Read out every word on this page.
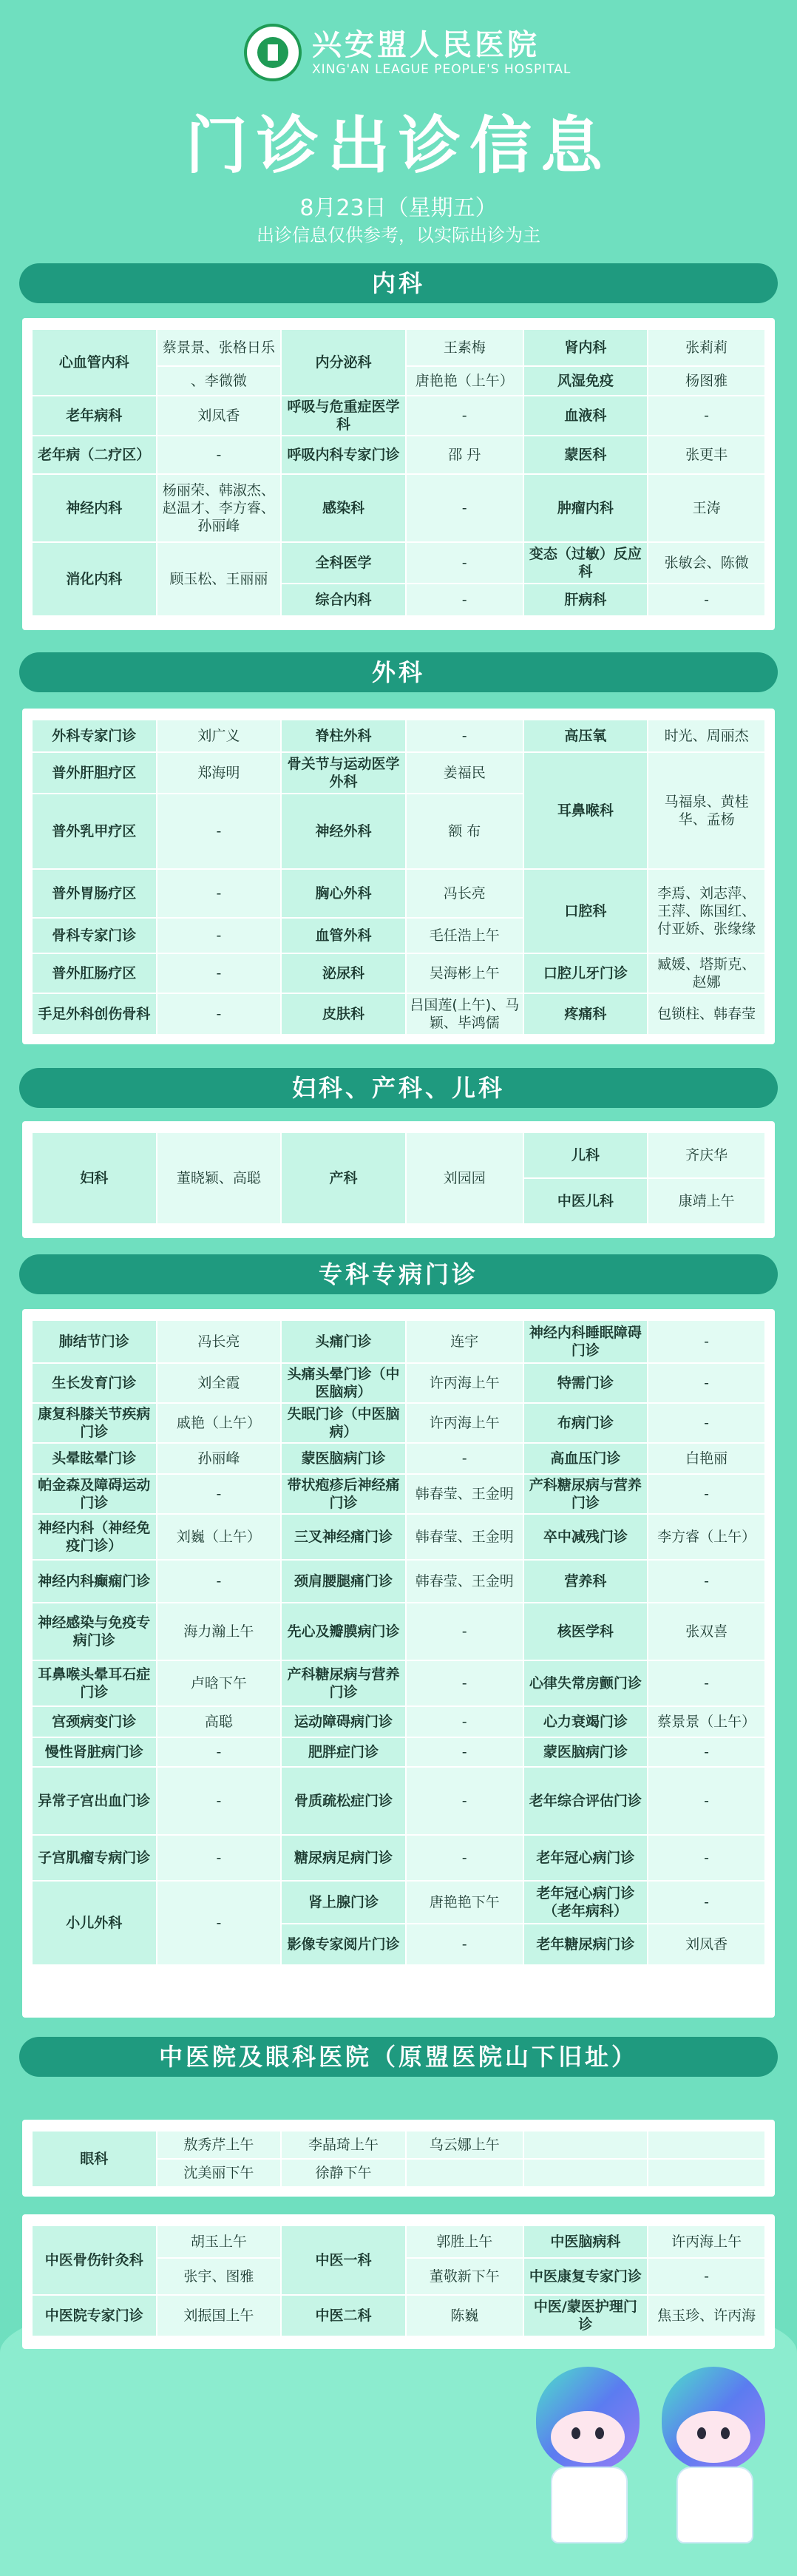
兴安盟人民医院
XING'AN LEAGUE PEOPLE'S HOSPITAL
门诊出诊信息
8月23日（星期五）
出诊信息仅供参考，以实际出诊为主
内科
心血管内科	蔡景景、张格日乐	内分泌科	王素梅	肾内科	张莉莉
	、李微微		唐艳艳（上午）	风湿免疫	杨图雅
老年病科	刘凤香	呼吸与危重症医学科	-	血液科	-
老年病（二疗区）	-	呼吸内科专家门诊	邵 丹	蒙医科	张更丰
神经内科	杨丽荣、韩淑杰、赵温才、李方睿、孙丽峰	感染科	-	肿瘤内科	王涛
消化内科	顾玉松、王丽丽	全科医学	-	变态（过敏）反应科	张敏会、陈微
		综合内科	-	肝病科	-
外科
外科专家门诊	刘广义	脊柱外科	-	高压氧	时光、周丽杰
普外肝胆疗区	郑海明	骨关节与运动医学外科	姜福民	耳鼻喉科	马福泉、黄桂华、孟杨
普外乳甲疗区	-	神经外科	额 布		
普外胃肠疗区	-	胸心外科	冯长亮	口腔科	李焉、刘志萍、王萍、陈国红、付亚娇、张缘缘
骨科专家门诊	-	血管外科	毛任浩上午		
普外肛肠疗区	-	泌尿科	吴海彬上午	口腔儿牙门诊	臧媛、塔斯克、赵娜
手足外科创伤骨科	-	皮肤科	吕国莲(上午)、马颖、毕鸿儒	疼痛科	包锁柱、韩春莹
妇科、产科、儿科
妇科	董晓颖、高聪	产科	刘园园	儿科	齐庆华
				中医儿科	康靖上午
专科专病门诊
肺结节门诊	冯长亮	头痛门诊	连宇	神经内科睡眠障碍门诊	-
生长发育门诊	刘全霞	头痛头晕门诊（中医脑病）	许丙海上午	特需门诊	-
康复科膝关节疾病门诊	戚艳（上午）	失眠门诊（中医脑病）	许丙海上午	布病门诊	-
头晕眩晕门诊	孙丽峰	蒙医脑病门诊	-	高血压门诊	白艳丽
帕金森及障碍运动门诊	-	带状疱疹后神经痛门诊	韩春莹、王金明	产科糖尿病与营养门诊	-
神经内科（神经免疫门诊）	刘巍（上午）	三叉神经痛门诊	韩春莹、王金明	卒中减残门诊	李方睿（上午）
神经内科癫痫门诊	-	颈肩腰腿痛门诊	韩春莹、王金明	营养科	-
神经感染与免疫专病门诊	海力瀚上午	先心及瓣膜病门诊	-	核医学科	张双喜
耳鼻喉头晕耳石症门诊	卢晗下午	产科糖尿病与营养门诊	-	心律失常房颤门诊	-
宫颈病变门诊	高聪	运动障碍病门诊	-	心力衰竭门诊	蔡景景（上午）
慢性肾脏病门诊	-	肥胖症门诊	-	蒙医脑病门诊	-
异常子宫出血门诊	-	骨质疏松症门诊	-	老年综合评估门诊	-
子宫肌瘤专病门诊	-	糖尿病足病门诊	-	老年冠心病门诊	-
小儿外科	-	肾上腺门诊	唐艳艳下午	老年冠心病门诊（老年病科）	-
		影像专家阅片门诊	-	老年糖尿病门诊	刘凤香
中医院及眼科医院（原盟医院山下旧址）
眼科	敖秀芹上午	李晶琦上午	乌云娜上午		
	沈美丽下午	徐静下午			
中医骨伤针灸科	胡玉上午	中医一科	郭胜上午	中医脑病科	许丙海上午
	张宇、图雅		董敬新下午	中医康复专家门诊	-
中医院专家门诊	刘振国上午	中医二科	陈巍	中医/蒙医护理门诊	焦玉珍、许丙海
